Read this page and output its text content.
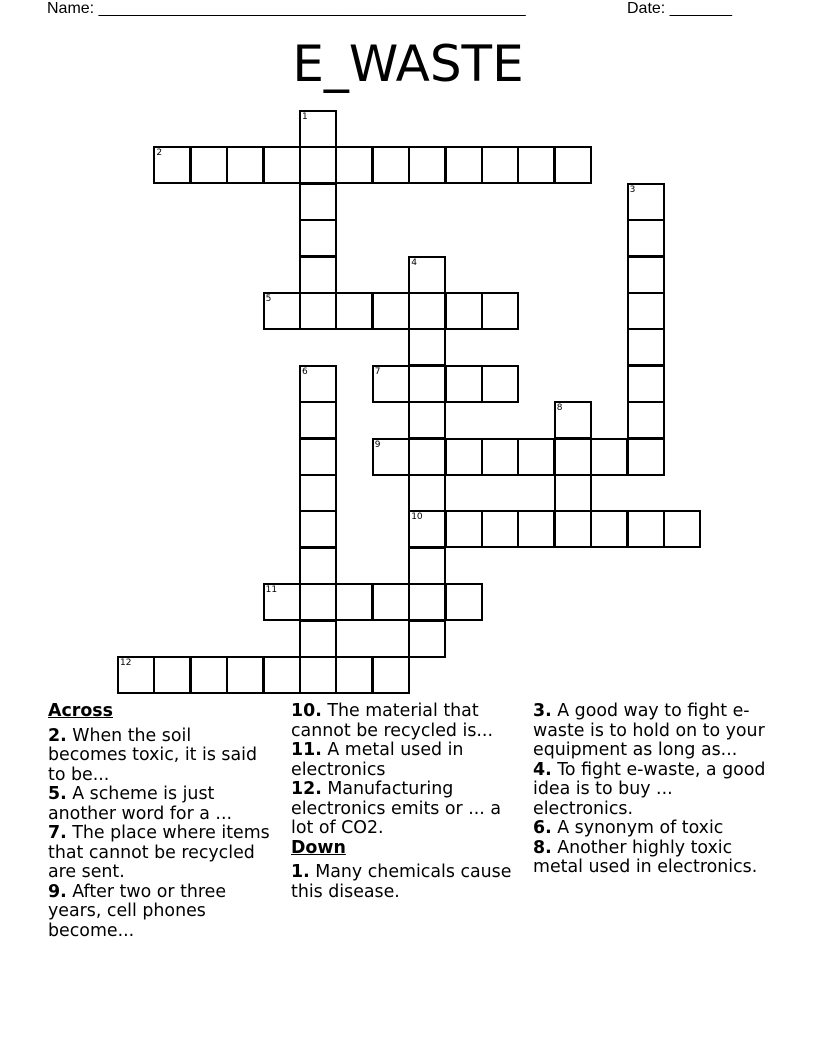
Name: ________________________________________________	Date: _______
E_WASTE
1
2
3
4
10
5
6	7
8
9
11
12
Across
2. When the soil becomes toxic, it is said to be...
5. A scheme is just another word for a ...
7. The place where items that cannot be recycled are sent.
9. After two or three years, cell phones become...
10. The material that cannot be recycled is...
11. A metal used in electronics
12. Manufacturing electronics emits or ... a lot of CO2.
Down
1. Many chemicals cause this disease.
3. A good way to fight e-waste is to hold on to your equipment as long as...
4. To fight e-waste, a good idea is to buy ... electronics.
6. A synonym of toxic
8. Another highly toxic metal used in electronics.
